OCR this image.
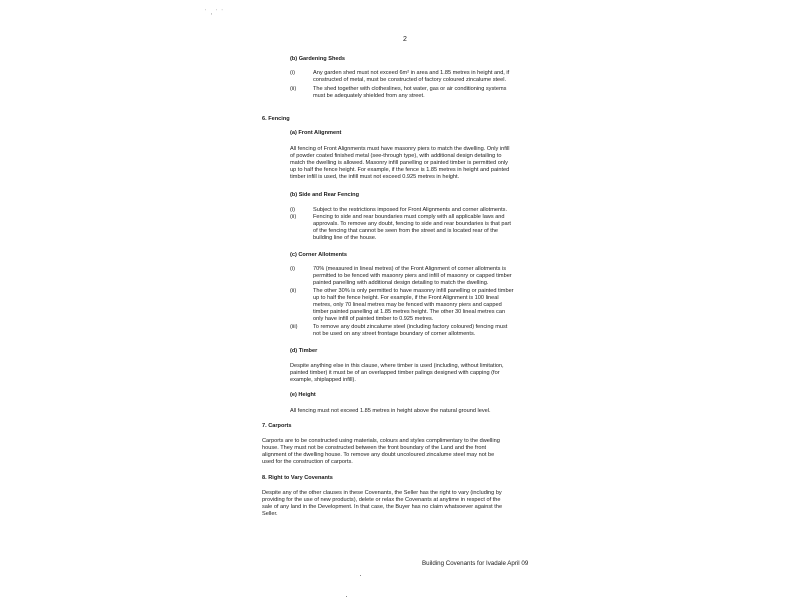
˙ ‚ ˙ ˙
2
(b) Gardening Sheds
(i)	Any garden shed must not exceed 6m² in area and 1.85 metres in height and, if
constructed of metal, must be constructed of factory coloured zincalume steel.
(ii)	The shed together with clotheslines, hot water, gas or air conditioning systems
must be adequately shielded from any street.
6. Fencing
(a) Front Alignment
All fencing of Front Alignments must have masonry piers to match the dwelling. Only infill
of powder coated finished metal (see-through type), with additional design detailing to
match the dwelling is allowed. Masonry infill panelling or painted timber is permitted only
up to half the fence height. For example, if the fence is 1.85 metres in height and painted
timber infill is used, the infill must not exceed 0.925 metres in height.
(b) Side and Rear Fencing
(i)	Subject to the restrictions imposed for Front Alignments and corner allotments.
(ii)	Fencing to side and rear boundaries must comply with all applicable laws and
approvals. To remove any doubt, fencing to side and rear boundaries is that part
of the fencing that cannot be seen from the street and is located rear of the
building line of the house.
(c) Corner Allotments
(i)	70% (measured in lineal metres) of the Front Alignment of corner allotments is
permitted to be fenced with masonry piers and infill of masonry or capped timber
painted panelling with additional design detailing to match the dwelling.
(ii)	The other 30% is only permitted to have masonry infill panelling or painted timber
up to half the fence height. For example, if the Front Alignment is 100 lineal
metres, only 70 lineal metres may be fenced with masonry piers and capped
timber painted panelling at 1.85 metres height. The other 30 lineal metres can
only have infill of painted timber to 0.925 metres.
(iii)	To remove any doubt zincalume steel (including factory coloured) fencing must
not be used on any street frontage boundary of corner allotments.
(d) Timber
Despite anything else in this clause, where timber is used (including, without limitation,
painted timber) it must be of an overlapped timber palings designed with capping (for
example, shiplapped infill).
(e) Height
All fencing must not exceed 1.85 metres in height above the natural ground level.
7. Carports
Carports are to be constructed using materials, colours and styles complimentary to the dwelling
house. They must not be constructed between the front boundary of the Land and the front
alignment of the dwelling house. To remove any doubt uncoloured zincalume steel may not be
used for the construction of carports.
8. Right to Vary Covenants
Despite any of the other clauses in these Covenants, the Seller has the right to vary (including by
providing for the use of new products), delete or relax the Covenants at anytime in respect of the
sale of any land in the Development. In that case, the Buyer has no claim whatsoever against the
Seller.
Building Covenants for Ivadale April 09
